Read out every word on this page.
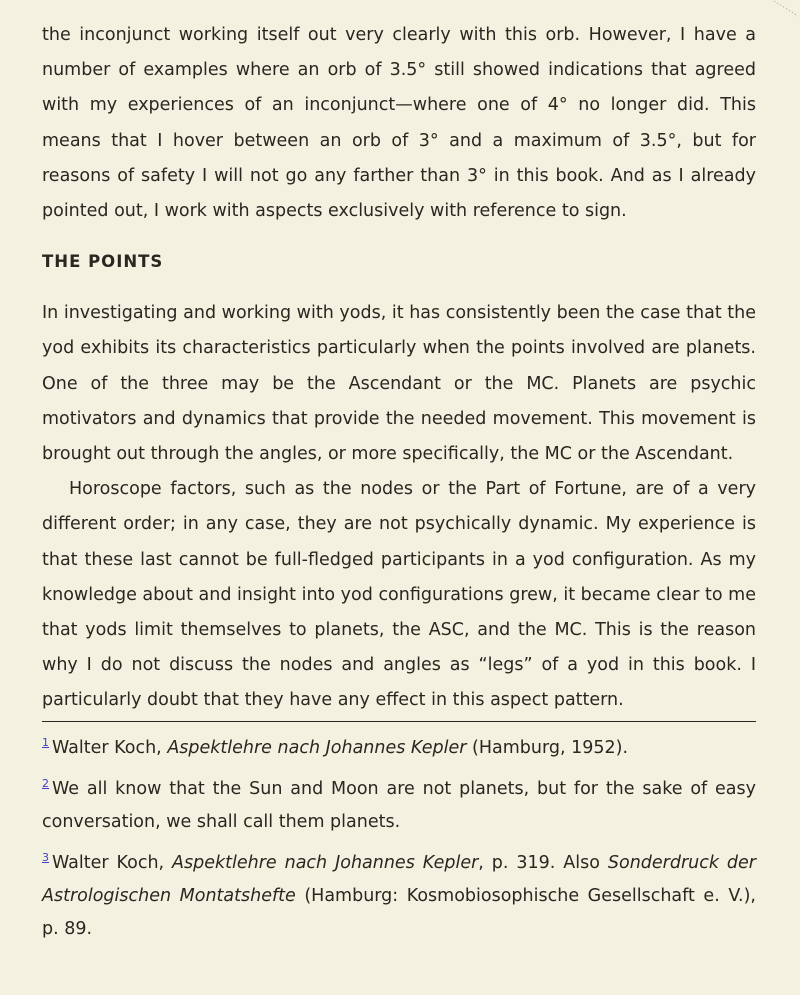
the inconjunct working itself out very clearly with this orb. However, I have a number of examples where an orb of 3.5° still showed indications that agreed with my experiences of an inconjunct—where one of 4° no longer did. This means that I hover between an orb of 3° and a maximum of 3.5°, but for reasons of safety I will not go any farther than 3° in this book. And as I already pointed out, I work with aspects exclusively with reference to sign.

THE POINTS

In investigating and working with yods, it has consistently been the case that the yod exhibits its characteristics particularly when the points involved are planets. One of the three may be the Ascendant or the MC. Planets are psychic motivators and dynamics that provide the needed movement. This movement is brought out through the angles, or more specifically, the MC or the Ascendant.

Horoscope factors, such as the nodes or the Part of Fortune, are of a very different order; in any case, they are not psychically dynamic. My experience is that these last cannot be full-fledged participants in a yod configuration. As my knowledge about and insight into yod configurations grew, it became clear to me that yods limit themselves to planets, the ASC, and the MC. This is the reason why I do not discuss the nodes and angles as “legs” of a yod in this book. I particularly doubt that they have any effect in this aspect pattern.

$^1$ Walter Koch, Aspektlehre nach Johannes Kepler (Hamburg, 1952).

$^2$ We all know that the Sun and Moon are not planets, but for the sake of easy conversation, we shall call them planets.

$^3$ Walter Koch, Aspektlehre nach Johannes Kepler, p. 319. Also Sonderdruck der Astrologischen Montatshefte (Hamburg: Kosmobiosophische Gesellschaft e. V.), p. 89.
